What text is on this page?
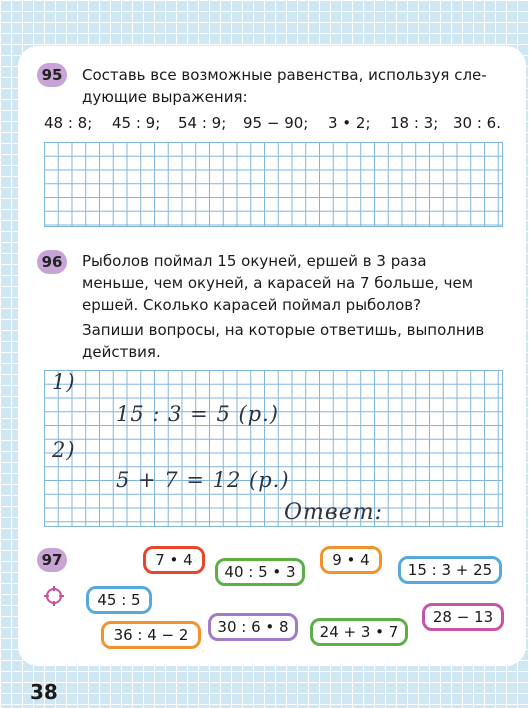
95	Составь все возможные равенства, используя сле-
дующие выражения:
48 : 8; 45 : 9; 54 : 9; 95 − 90; 3 • 2; 18 : 3; 30 : 6.
96	Рыболов поймал 15 окуней, ершей в 3 раза
меньше, чем окуней, а карасей на 7 больше, чем
ершей. Сколько карасей поймал рыболов?
Запиши вопросы, на которые ответишь, выполнив
действия.
1)
15 : 3 = 5 (р.)
2)
5 + 7 = 12 (р.)
Ответ:
97	7 • 4
40 : 5 • 3
9 • 4
15 : 3 + 25
45 : 5
28 − 13
36 : 4 − 2	30 : 6 • 8	24 + 3 • 7
38
